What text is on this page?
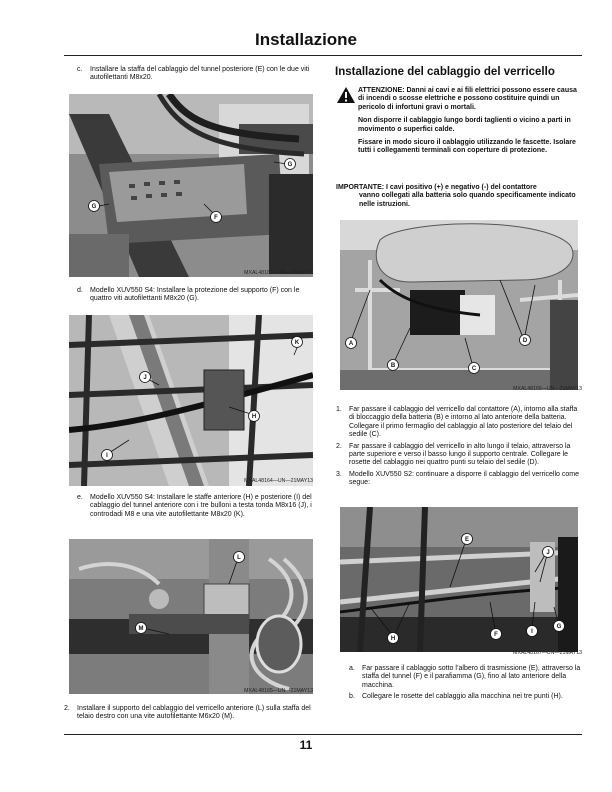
Installazione
c. Installare la staffa del cablaggio del tunnel posteriore (E) con le due viti autofilettanti M8x20.
G
G
F
MXAL48163—UN—21MAY13
d. Modello XUV550 S4: Installare la protezione del supporto (F) con le quattro viti autofilettanti M8x20 (G).
K
J
H
I
MXAL48164—UN—21MAY13
e. Modello XUV550 S4: Installare le staffe anteriore (H) e posteriore (I) del cablaggio del tunnel anteriore con i tre bulloni a testa tonda M8x16 (J), i controdadi M8 e una vite autofilettante M8x20 (K).
L
M
MXAL48165—UN—21MAY13
2. Installare il supporto del cablaggio del verricello anteriore (L) sulla staffa del telaio destro con una vite autofilettante M6x20 (M).
Installazione del cablaggio del verricello
ATTENZIONE: Danni ai cavi e ai fili elettrici possono essere causa di incendi o scosse elettriche e possono costituire quindi un pericolo di infortuni gravi o mortali.
Non disporre il cablaggio lungo bordi taglienti o vicino a parti in movimento o superfici calde.
Fissare in modo sicuro il cablaggio utilizzando le fascette. Isolare tutti i collegamenti terminali con coperture di protezione.
IMPORTANTE: I cavi positivo (+) e negativo (-) del contattore
vanno collegati alla batteria solo quando specificamente indicato nelle istruzioni.
A
B	C
D
MXAL48166—UN—21MAY13
1. Far passare il cablaggio del verricello dal contattore (A), intorno alla staffa di bloccaggio della batteria (B) e intorno al lato anteriore della batteria. Collegare il primo fermaglio del cablaggio al lato posteriore del telaio del sedile (C).
2. Far passare il cablaggio del verricello in alto lungo il telaio, attraverso la parte superiore e verso il basso lungo il supporto centrale. Collegare le rosette del cablaggio nei quattro punti su telaio del sedile (D).
3. Modello XUV550 S2: continuare a disporre il cablaggio del verricello come segue:
E
J
H
F	I
G
MXAL48167—UN—21MAY13
a. Far passare il cablaggio sotto l’albero di trasmissione (E), attraverso la staffa del tunnel (F) e il parafiamma (G), fino al lato anteriore della macchina.
b. Collegare le rosette del cablaggio alla macchina nei tre punti (H).
11
